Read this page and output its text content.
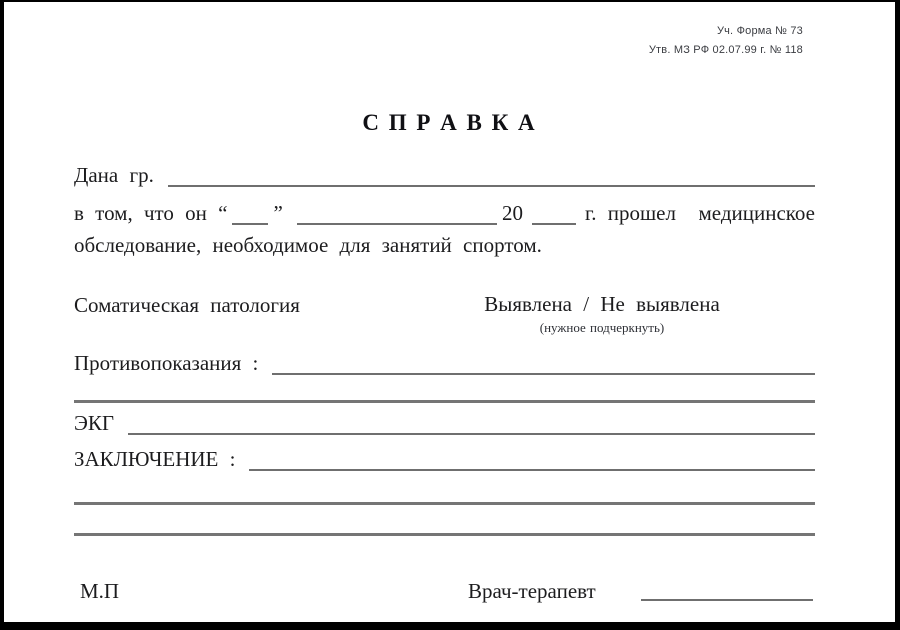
Уч. Форма № 73
Утв. МЗ РФ 02.07.99 г. № 118
С П Р А В К А
Дана гр.
в том, что он “ ”	20	г. прошел  медицинское
обследование, необходимое для занятий спортом.
Соматическая патология	Выявлена / Не выявлена
(нужное подчеркнуть)
Противопоказания :
ЭКГ
ЗАКЛЮЧЕНИЕ :
М.П	Врач-терапевт
